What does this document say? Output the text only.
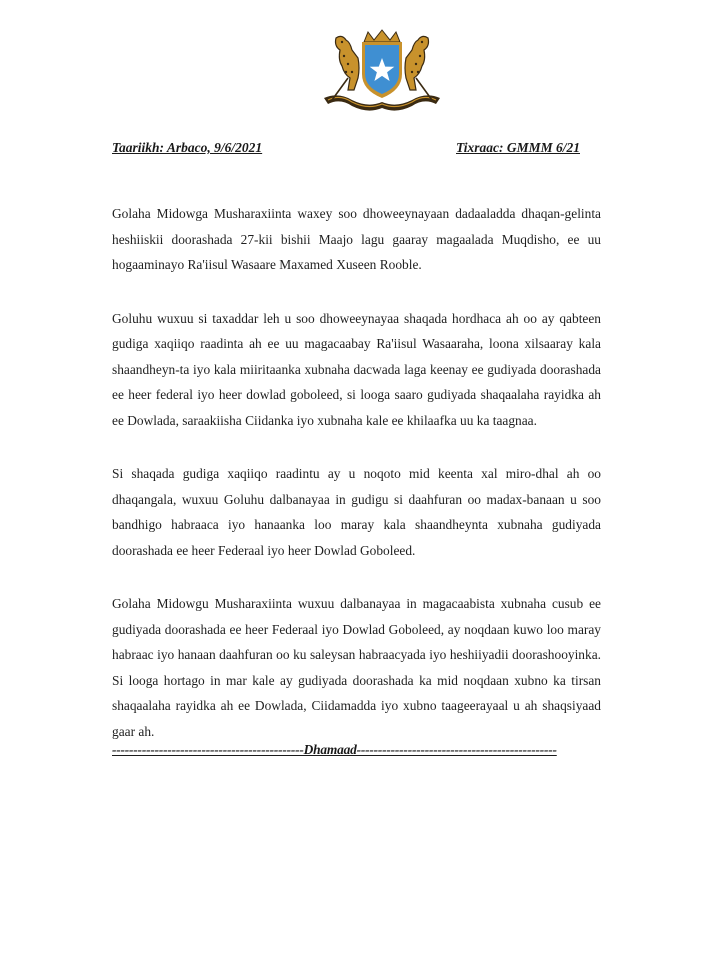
Taariikh: Arbaco, 9/6/2021	Tixraac: GMMM 6/21

Golaha Midowga Musharaxiinta waxey soo dhoweeynayaan dadaaladda dhaqan-gelinta heshiiskii doorashada 27-kii bishii Maajo lagu gaaray magaalada Muqdisho, ee uu hogaaminayo Ra'iisul Wasaare Maxamed Xuseen Rooble.

Goluhu wuxuu si taxaddar leh u soo dhoweeynayaa shaqada hordhaca ah oo ay qabteen gudiga xaqiiqo raadinta ah ee uu magacaabay Ra'iisul Wasaaraha, loona xilsaaray kala shaandheyn-ta iyo kala miiritaanka xubnaha dacwada laga keenay ee gudiyada doorashada ee heer federal iyo heer dowlad goboleed, si looga saaro gudiyada shaqaalaha rayidka ah ee Dowlada, saraakiisha Ciidanka iyo xubnaha kale ee khilaafka uu ka taagnaa.

Si shaqada gudiga xaqiiqo raadintu ay u noqoto mid keenta xal miro-dhal ah oo dhaqangala, wuxuu Goluhu dalbanayaa in gudigu si daahfuran oo madax-banaan u soo bandhigo habraaca iyo hanaanka loo maray kala shaandheynta xubnaha gudiyada doorashada ee heer Federaal iyo heer Dowlad Goboleed.

Golaha Midowgu Musharaxiinta wuxuu dalbanayaa in magacaabista xubnaha cusub ee gudiyada doorashada ee heer Federaal iyo Dowlad Goboleed, ay noqdaan kuwo loo maray habraac iyo hanaan daahfuran oo ku saleysan habraacyada iyo heshiiyadii doorashooyinka. Si looga hortago in mar kale ay gudiyada doorashada ka mid noqdaan xubno ka tirsan shaqaalaha rayidka ah ee Dowlada, Ciidamadda iyo xubno taageerayaal u ah shaqsiyaad gaar ah.

---------------------------------------------Dhamaad-----------------------------------------------
